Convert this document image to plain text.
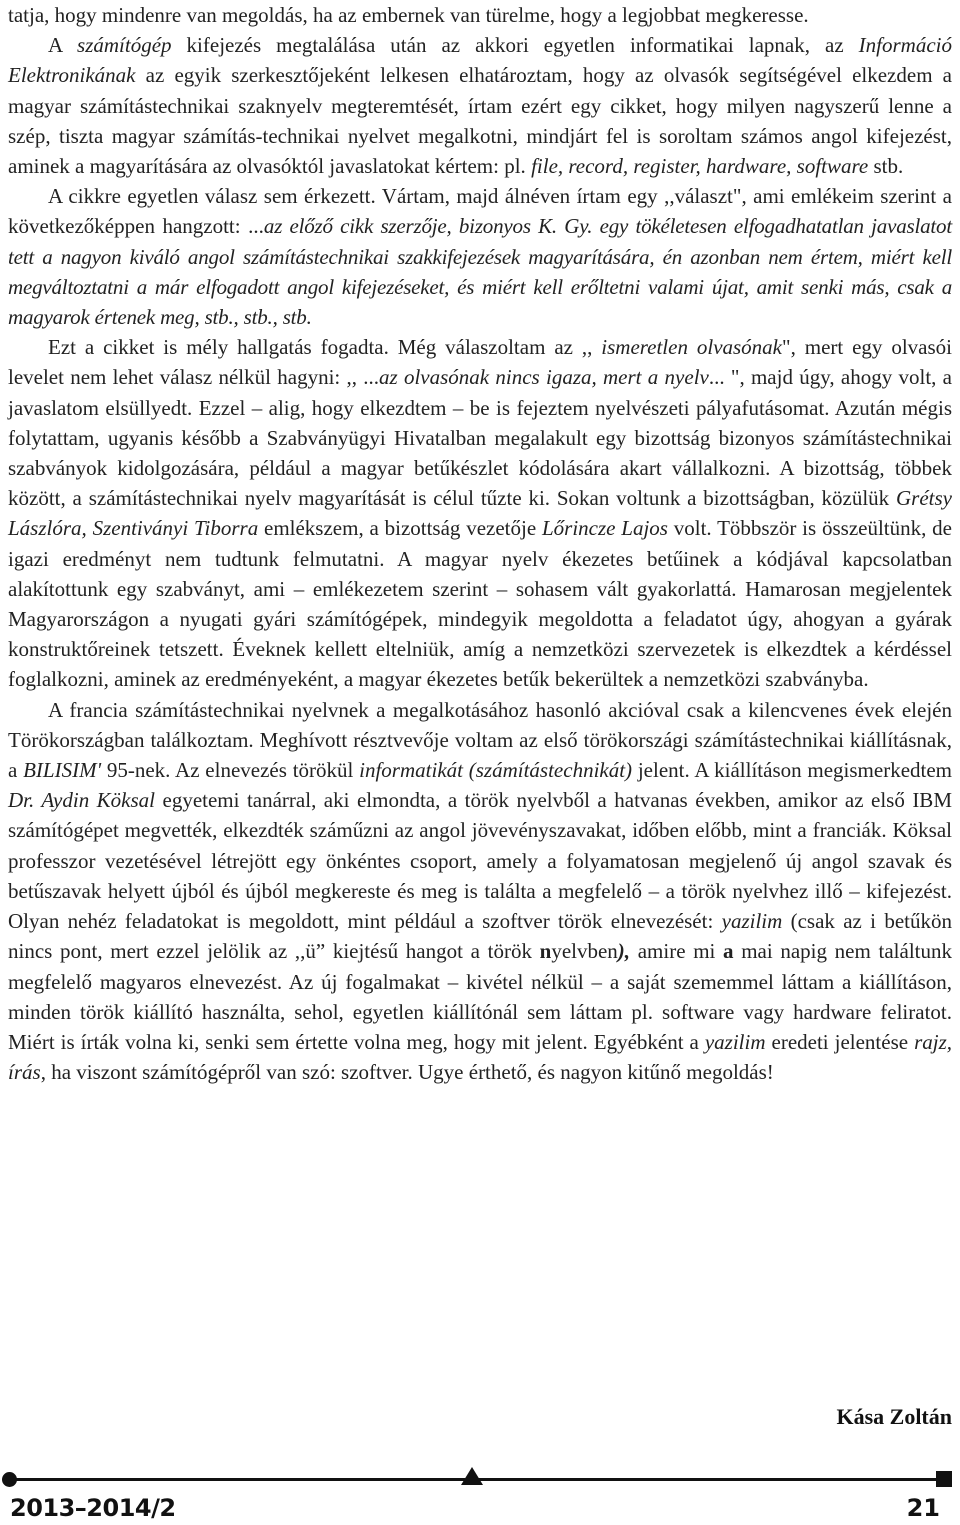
tatja, hogy mindenre van megoldás, ha az embernek van türelme, hogy a legjobbat megkeresse.

A számítógép kifejezés megtalálása után az akkori egyetlen informatikai lapnak, az Információ Elektronikának az egyik szerkesztőjeként lelkesen elhatároztam, hogy az olvasók segítségével elkezdem a magyar számítástechnikai szaknyelv megteremtését, írtam ezért egy cikket, hogy milyen nagyszerű lenne a szép, tiszta magyar számítás-technikai nyelvet megalkotni, mindjárt fel is soroltam számos angol kifejezést, aminek a magyarítására az olvasóktól javaslatokat kértem: pl. file, record, register, hardware, software stb.

A cikkre egyetlen válasz sem érkezett. Vártam, majd álnéven írtam egy ,,választ", ami emlékeim szerint a következőképpen hangzott: ...az előző cikk szerzője, bizonyos K. Gy. egy tökéletesen elfogadhatatlan javaslatot tett a nagyon kiváló angol számítástechnikai szakkifejezések magyarítására, én azonban nem értem, miért kell megváltoztatni a már elfogadott angol kifejezéseket, és miért kell erőltetni valami újat, amit senki más, csak a magyarok értenek meg, stb., stb., stb.

Ezt a cikket is mély hallgatás fogadta. Még válaszoltam az ,, ismeretlen olvasónak", mert egy olvasói levelet nem lehet válasz nélkül hagyni: ,, ...az olvasónak nincs igaza, mert a nyelv... ", majd úgy, ahogy volt, a javaslatom elsüllyedt. Ezzel – alig, hogy elkezdtem – be is fejeztem nyelvészeti pályafutásomat. Azután mégis folytattam, ugyanis később a Szabványügyi Hivatalban megalakult egy bizottság bizonyos számítástechnikai szabványok kidolgozására, például a magyar betűkészlet kódolására akart vállalkozni. A bizottság, többek között, a számítástechnikai nyelv magyarítását is célul tűzte ki. Sokan voltunk a bizottságban, közülük Grétsy Lászlóra, Szentiványi Tiborra emlékszem, a bizottság vezetője Lőrincze Lajos volt. Többször is összeültünk, de igazi eredményt nem tudtunk felmutatni. A magyar nyelv ékezetes betűinek a kódjával kapcsolatban alakítottunk egy szabványt, ami – emlékezetem szerint – sohasem vált gyakorlattá. Hamarosan megjelentek Magyarországon a nyugati gyári számítógépek, mindegyik megoldotta a feladatot úgy, ahogyan a gyárak konstruktőreinek tetszett. Éveknek kellett eltelniük, amíg a nemzetközi szervezetek is elkezdtek a kérdéssel foglalkozni, aminek az eredményeként, a magyar ékezetes betűk bekerültek a nemzetközi szabványba.

A francia számítástechnikai nyelvnek a megalkotásához hasonló akcióval csak a kilencvenes évek elején Törökországban találkoztam. Meghívott résztvevője voltam az első törökországi számítástechnikai kiállításnak, a BILISIM' 95-nek. Az elnevezés törökül informatikát (számítástechnikát) jelent. A kiállításon megismerkedtem Dr. Aydin Köksal egyetemi tanárral, aki elmondta, a török nyelvből a hatvanas években, amikor az első IBM számítógépet megvették, elkezdték száműzni az angol jövevényszavakat, időben előbb, mint a franciák. Köksal professzor vezetésével létrejött egy önkéntes csoport, amely a folyamatosan megjelenő új angol szavak és betűszavak helyett újból és újból megkereste és meg is találta a megfelelő – a török nyelvhez illő – kifejezést. Olyan nehéz feladatokat is megoldott, mint például a szoftver török elnevezését: yazilim (csak az i betűkön nincs pont, mert ezzel jelölik az ,,ü” kiejtésű hangot a török nyelvben), amire mi a mai napig nem találtunk megfelelő magyaros elnevezést. Az új fogalmakat – kivétel nélkül – a saját szememmel láttam a kiállításon, minden török kiállító használta, sehol, egyetlen kiállítónál sem láttam pl. software vagy hardware feliratot. Miért is írták volna ki, senki sem értette volna meg, hogy mit jelent. Egyébként a yazilim eredeti jelentése rajz, írás, ha viszont számítógépről van szó: szoftver. Ugye érthető, és nagyon kitűnő megoldás!

Kása Zoltán
2013–2014/2	21
